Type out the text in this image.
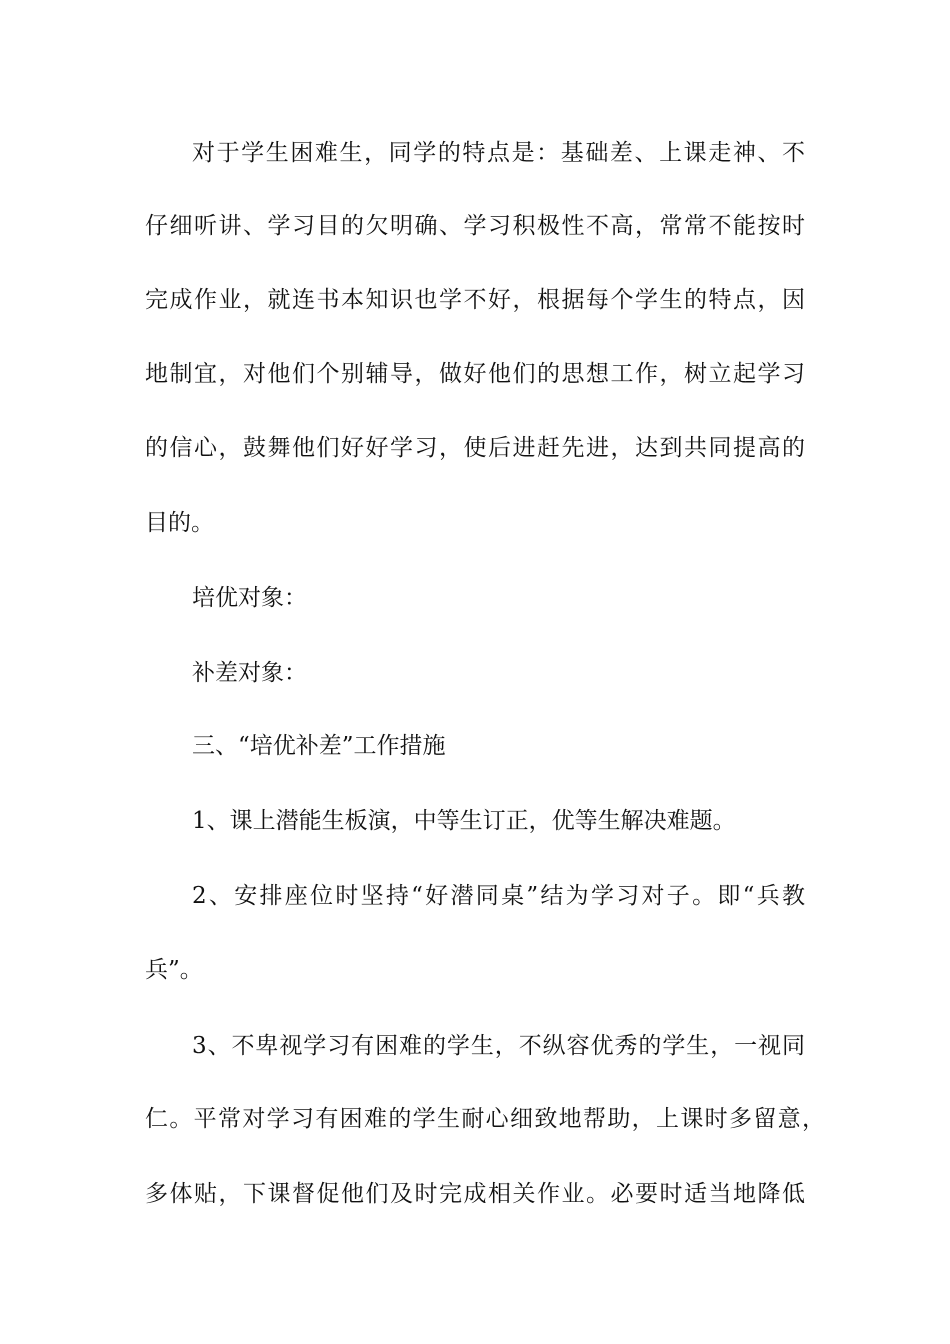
对于学生困难生，同学的特点是：基础差、上课走神、不
仔细听讲、学习目的欠明确、学习积极性不高，常常不能按时
完成作业，就连书本知识也学不好，根据每个学生的特点，因
地制宜，对他们个别辅导，做好他们的思想工作，树立起学习
的信心，鼓舞他们好好学习，使后进赶先进，达到共同提高的
目的。
培优对象：
补差对象：
三、“培优补差”工作措施
1、课上潜能生板演，中等生订正，优等生解决难题。
2、安排座位时坚持“好潜同桌”结为学习对子。即“兵教
兵”。
3、不卑视学习有困难的学生，不纵容优秀的学生，一视同
仁。平常对学习有困难的学生耐心细致地帮助，上课时多留意，
多体贴，下课督促他们及时完成相关作业。必要时适当地降低
